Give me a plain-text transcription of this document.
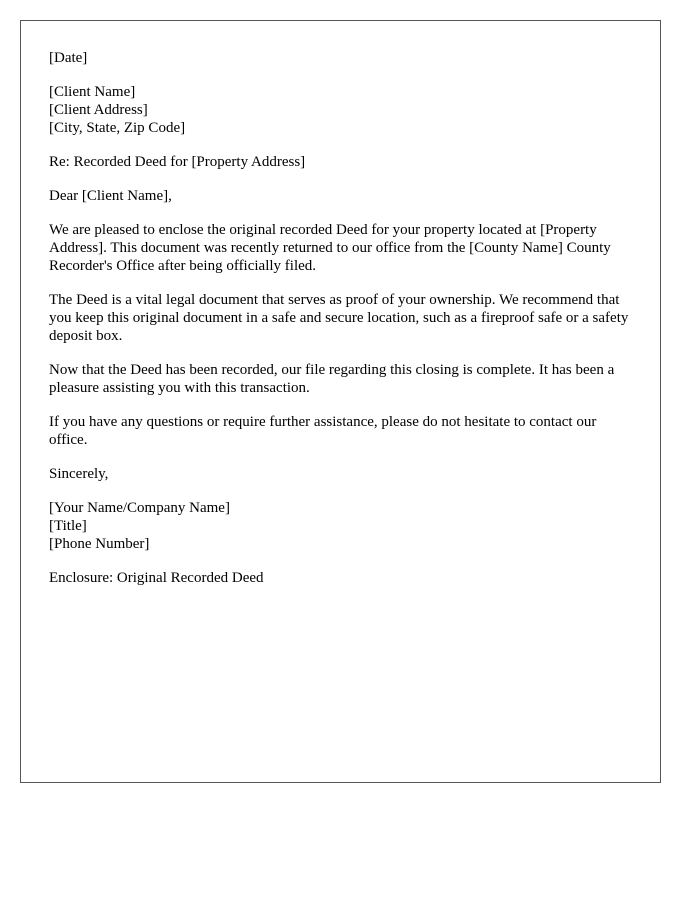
[Date]

[Client Name]
[Client Address]
[City, State, Zip Code]

Re: Recorded Deed for [Property Address]

Dear [Client Name],

We are pleased to enclose the original recorded Deed for your property located at [Property Address]. This document was recently returned to our office from the [County Name] County Recorder's Office after being officially filed.

The Deed is a vital legal document that serves as proof of your ownership. We recommend that you keep this original document in a safe and secure location, such as a fireproof safe or a safety deposit box.

Now that the Deed has been recorded, our file regarding this closing is complete. It has been a pleasure assisting you with this transaction.

If you have any questions or require further assistance, please do not hesitate to contact our office.

Sincerely,

[Your Name/Company Name]
[Title]
[Phone Number]

Enclosure: Original Recorded Deed
